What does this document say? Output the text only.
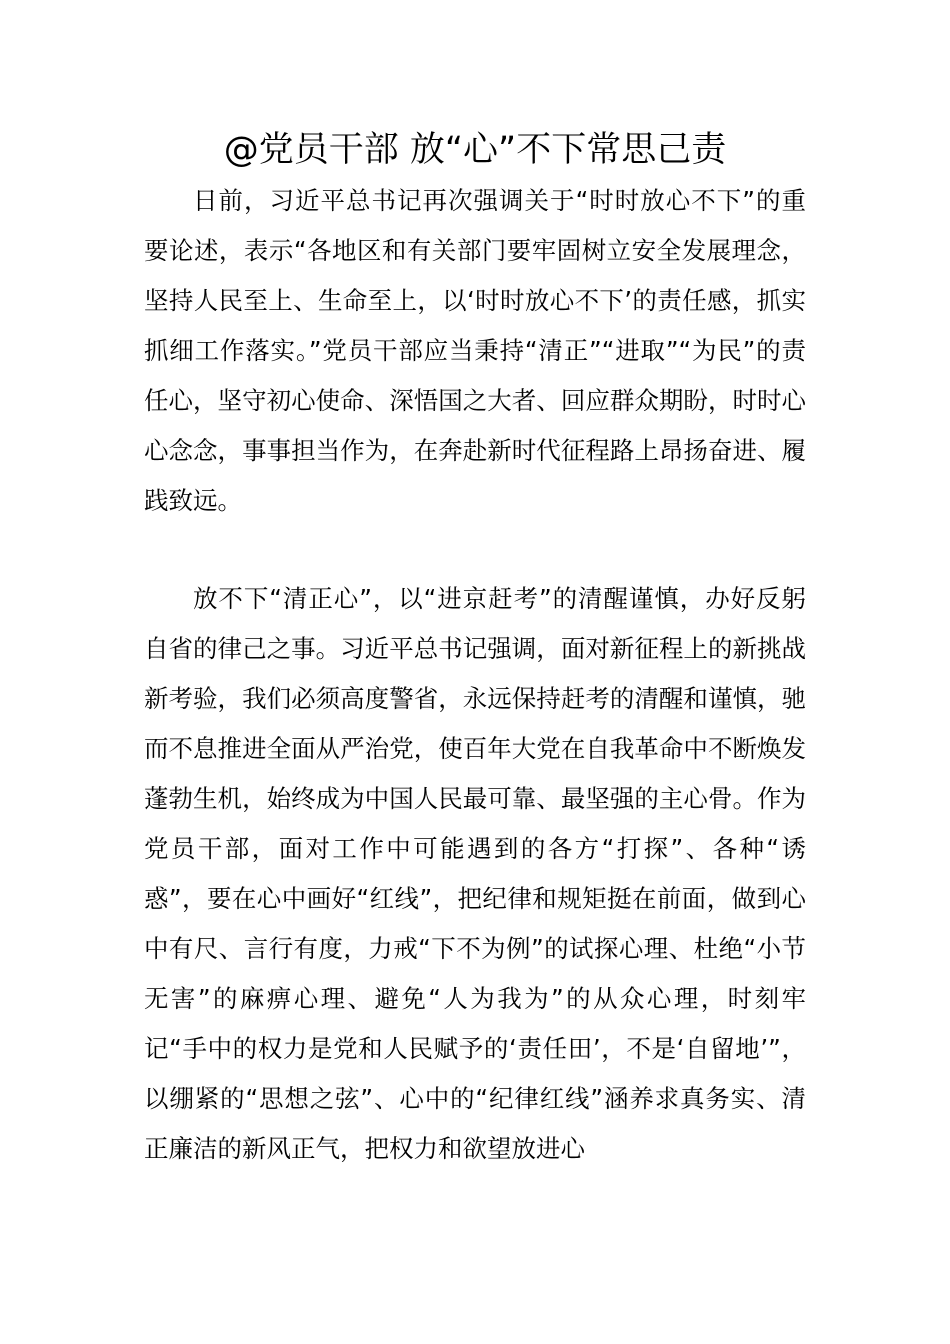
@党员干部 放“心”不下常思己责

日前，习近平总书记再次强调关于“时时放心不下”的重要论述，表示“各地区和有关部门要牢固树立安全发展理念，坚持人民至上、生命至上，以‘时时放心不下’的责任感，抓实抓细工作落实。”党员干部应当秉持“清正”“进取”“为民”的责任心，坚守初心使命、深悟国之大者、回应群众期盼，时时心心念念，事事担当作为，在奔赴新时代征程路上昂扬奋进、履践致远。

放不下“清正心”，以“进京赶考”的清醒谨慎，办好反躬自省的律己之事。习近平总书记强调，面对新征程上的新挑战新考验，我们必须高度警省，永远保持赶考的清醒和谨慎，驰而不息推进全面从严治党，使百年大党在自我革命中不断焕发蓬勃生机，始终成为中国人民最可靠、最坚强的主心骨。作为党员干部，面对工作中可能遇到的各方“打探”、各种“诱惑”，要在心中画好“红线”，把纪律和规矩挺在前面，做到心中有尺、言行有度，力戒“下不为例”的试探心理、杜绝“小节无害”的麻痹心理、避免“人为我为”的从众心理，时刻牢记“手中的权力是党和人民赋予的‘责任田’，不是‘自留地’”，以绷紧的“思想之弦”、心中的“纪律红线”涵养求真务实、清正廉洁的新风正气，把权力和欲望放进心
